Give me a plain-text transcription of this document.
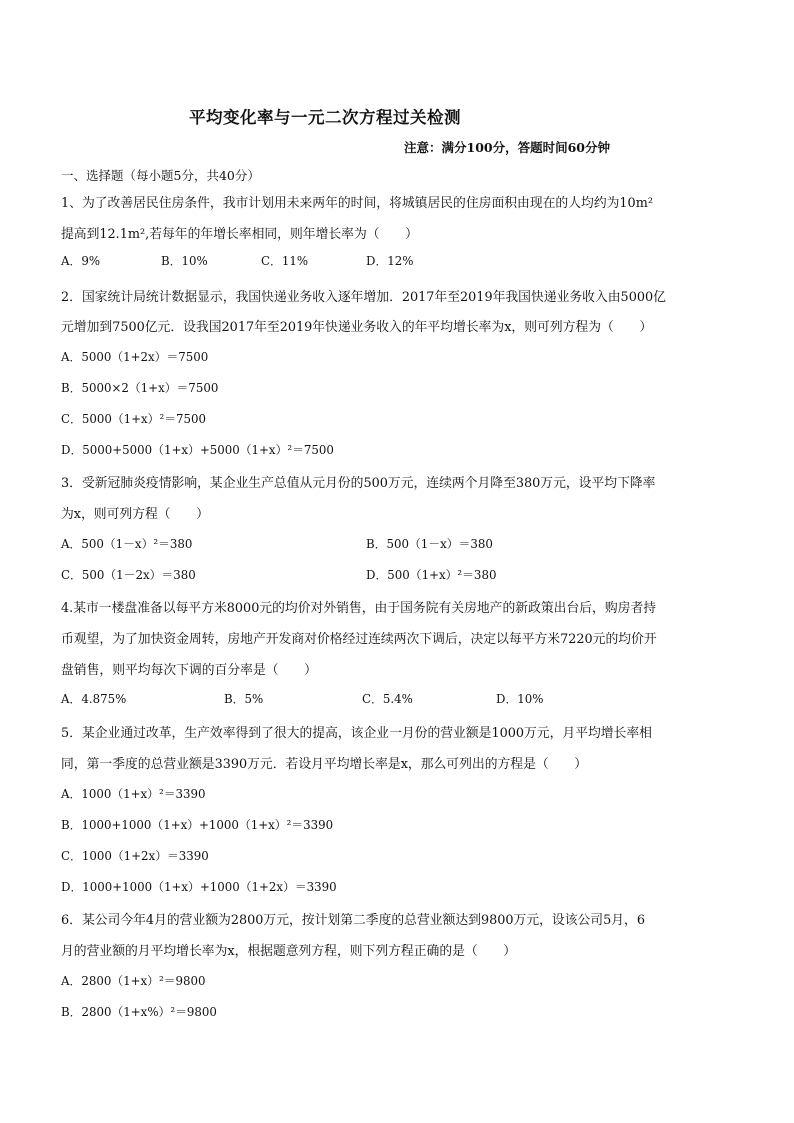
平均变化率与一元二次方程过关检测
注意：满分100分，答题时间60分钟
一、选择题（每小题5分，共40分）
1、为了改善居民住房条件，我市计划用未来两年的时间，将城镇居民的住房面积由现在的人均约为10m²
提高到12.1m²,若每年的年增长率相同，则年增长率为（　　）
A．9%	B．10%	C．11%	D．12%
2．国家统计局统计数据显示，我国快递业务收入逐年增加．2017年至2019年我国快递业务收入由5000亿
元增加到7500亿元．设我国2017年至2019年快递业务收入的年平均增长率为x，则可列方程为（　　）
A．5000（1+2x）＝7500
B．5000×2（1+x）＝7500
C．5000（1+x）²＝7500
D．5000+5000（1+x）+5000（1+x）²＝7500
3．受新冠肺炎疫情影响，某企业生产总值从元月份的500万元，连续两个月降至380万元，设平均下降率
为x，则可列方程（　　）
A．500（1－x）²＝380	B．500（1－x）＝380
C．500（1－2x）＝380	D．500（1+x）²＝380
4.某市一楼盘准备以每平方米8000元的均价对外销售，由于国务院有关房地产的新政策出台后，购房者持
币观望，为了加快资金周转，房地产开发商对价格经过连续两次下调后，决定以每平方米7220元的均价开
盘销售，则平均每次下调的百分率是（　　）
A．4.875%	B．5%	C．5.4%	D．10%
5．某企业通过改革，生产效率得到了很大的提高，该企业一月份的营业额是1000万元，月平均增长率相
同，第一季度的总营业额是3390万元．若设月平均增长率是x，那么可列出的方程是（　　）
A．1000（1+x）²＝3390
B．1000+1000（1+x）+1000（1+x）²＝3390
C．1000（1+2x）＝3390
D．1000+1000（1+x）+1000（1+2x）＝3390
6．某公司今年4月的营业额为2800万元，按计划第二季度的总营业额达到9800万元，设该公司5月，6
月的营业额的月平均增长率为x，根据题意列方程，则下列方程正确的是（　　）
A．2800（1+x）²＝9800
B．2800（1+x%）²＝9800
